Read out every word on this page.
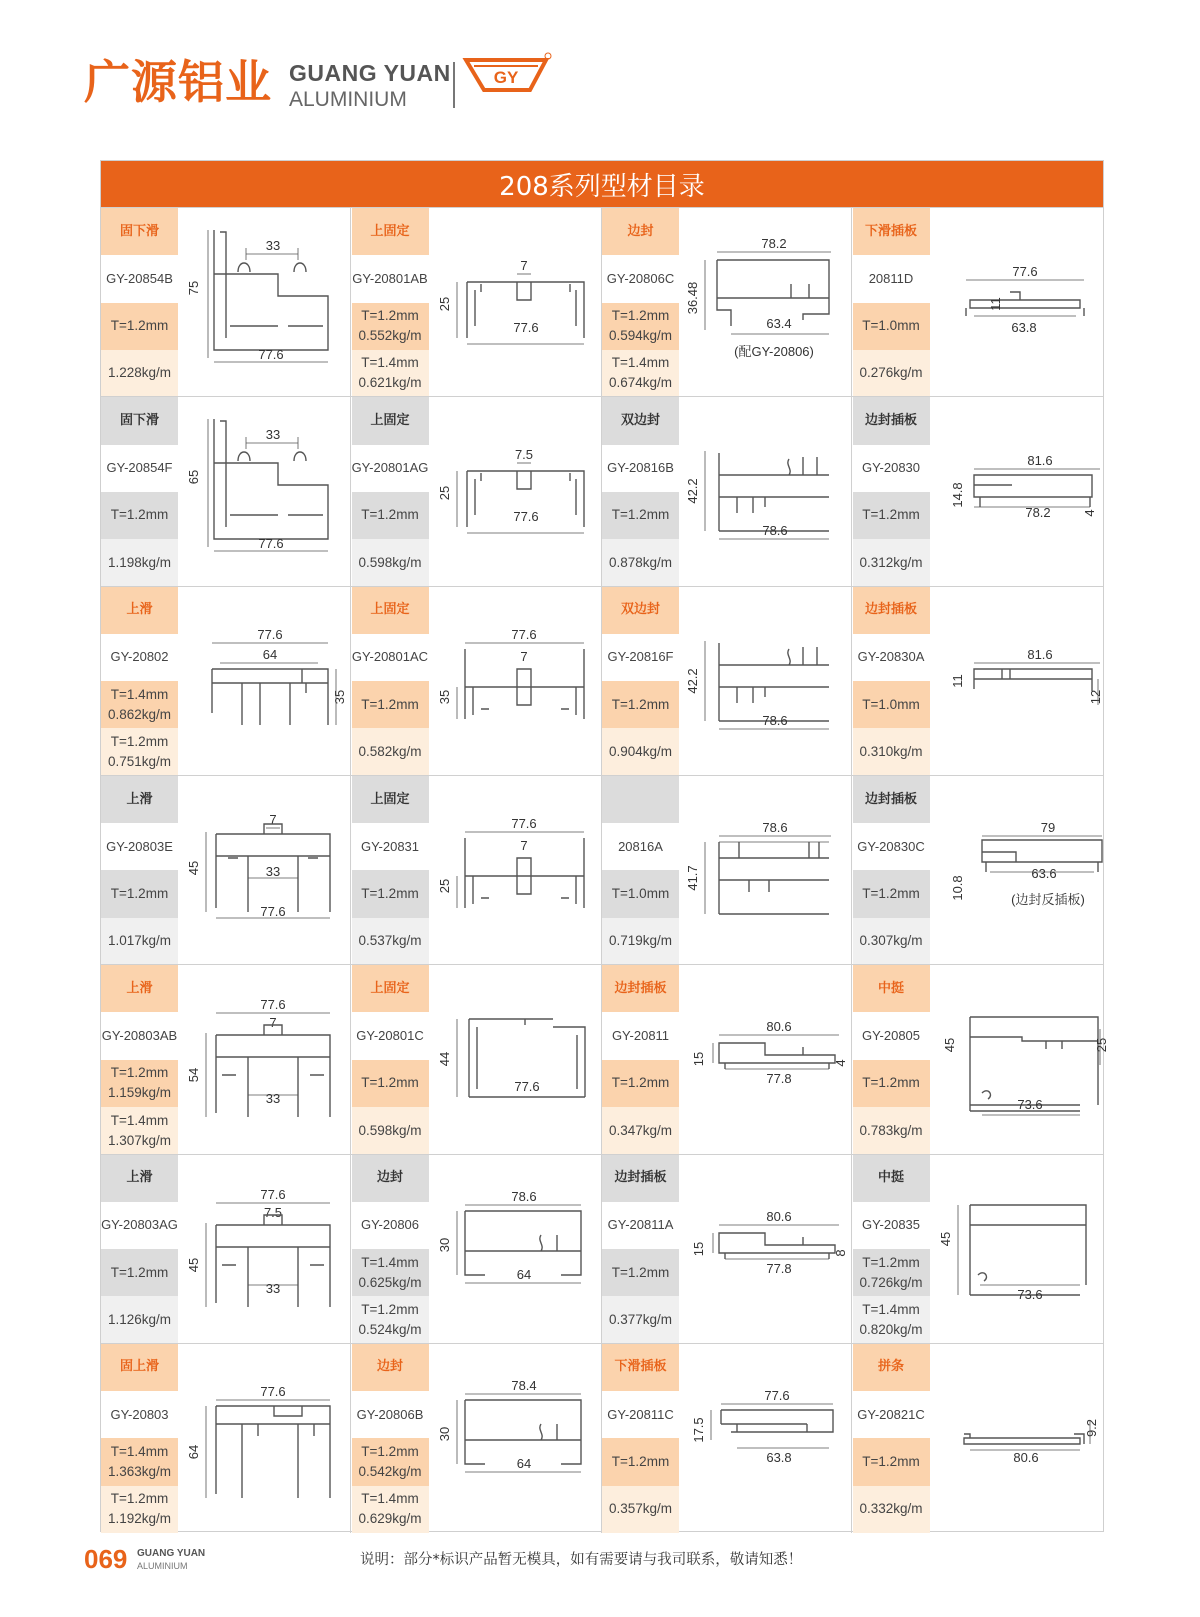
广源铝业 GUANG YUAN
ALUMINIUM
GY
208系列型材目录
固下滑
GY-20854B
T=1.2mm
1.228kg/m
33
75
77.6
上固定
GY-20801AB
T=1.2mm
0.552kg/m
T=1.4mm
0.621kg/m
7
25
77.6
边封
GY-20806C
T=1.2mm
0.594kg/m
T=1.4mm
0.674kg/m
78.2
36.48
63.4
(配GY-20806)
下滑插板
20811D
T=1.0mm
0.276kg/m
77.6
11
63.8
固下滑
GY-20854F
T=1.2mm
1.198kg/m
33
65
77.6
上固定
GY-20801AG
T=1.2mm
0.598kg/m
7.5
25
77.6
双边封
GY-20816B
T=1.2mm
0.878kg/m
42.2
78.6
边封插板
GY-20830
T=1.2mm
0.312kg/m
81.6
14.8
4
78.2
上滑
GY-20802
T=1.4mm
0.862kg/m
T=1.2mm
0.751kg/m
77.6
64
35
上固定
GY-20801AC
T=1.2mm
0.582kg/m
77.6
7
35
双边封
GY-20816F
T=1.2mm
0.904kg/m
42.2
78.6
边封插板
GY-20830A
T=1.0mm
0.310kg/m
81.6
11
12
上滑
GY-20803E
T=1.2mm
1.017kg/m
7
45	33
77.6
上固定
GY-20831
T=1.2mm
0.537kg/m
77.6
7
25
20816A
T=1.0mm
0.719kg/m
78.6
41.7
边封插板
GY-20830C
T=1.2mm
0.307kg/m
79
63.6
10.8	(边封反插板)
上滑
GY-20803AB
T=1.2mm
1.159kg/m
T=1.4mm
1.307kg/m
77.6
7
54
33
上固定
GY-20801C
T=1.2mm
0.598kg/m
44
77.6
边封插板
GY-20811
T=1.2mm
0.347kg/m
80.6
15	4
77.8
中挺
GY-20805
T=1.2mm
0.783kg/m
45	25
73.6
上滑
GY-20803AG
T=1.2mm
1.126kg/m
77.6
7.5
45
33
边封
GY-20806
T=1.4mm
0.625kg/m
T=1.2mm
0.524kg/m
78.6
30
64
边封插板
GY-20811A
T=1.2mm
0.377kg/m
80.6
15	8
77.8
中挺
GY-20835
T=1.2mm
0.726kg/m
T=1.4mm
0.820kg/m
45
73.6
固上滑
GY-20803
T=1.4mm
1.363kg/m
T=1.2mm
1.192kg/m
77.6
64
边封
GY-20806B
T=1.2mm
0.542kg/m
T=1.4mm
0.629kg/m
78.4
30
64
下滑插板
GY-20811C
T=1.2mm
0.357kg/m
77.6
17.5
63.8
拼条
GY-20821C
T=1.2mm
0.332kg/m
9.2
80.6
069 GUANG YUAN
ALUMINIUM	说明：部分*标识产品暂无模具，如有需要请与我司联系，敬请知悉！
